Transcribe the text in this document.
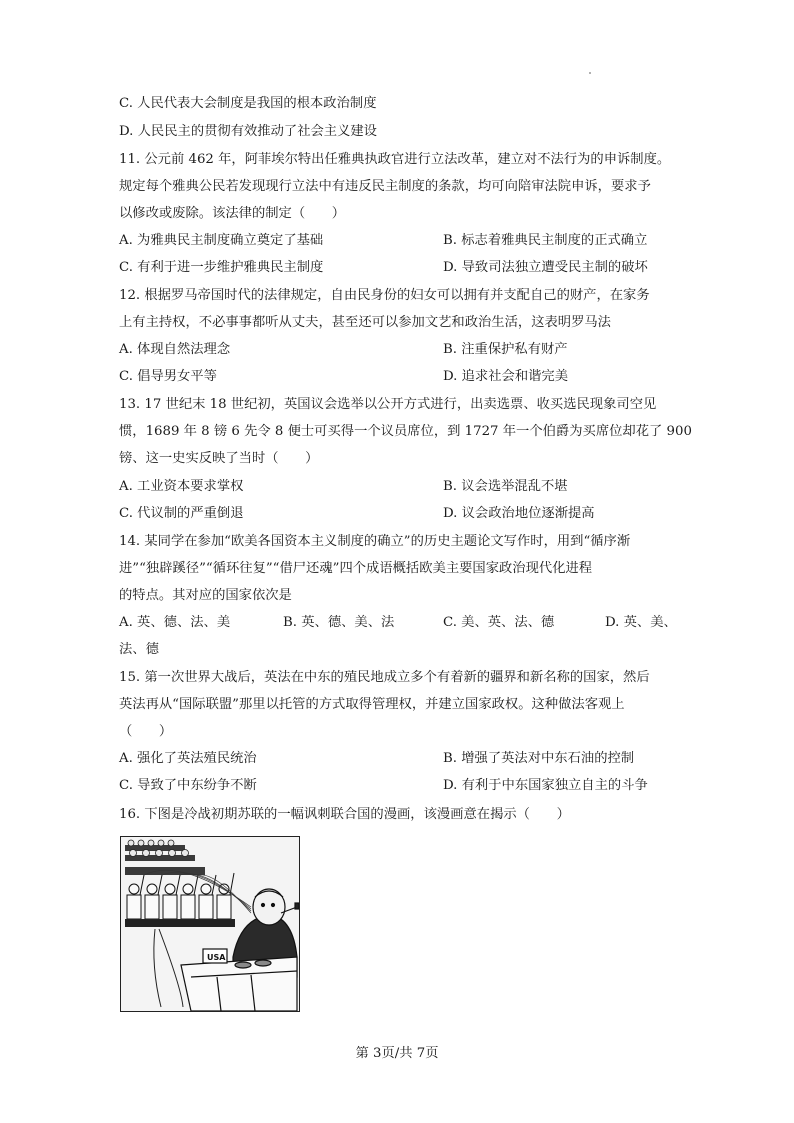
C. 人民代表大会制度是我国的根本政治制度
D. 人民民主的贯彻有效推动了社会主义建设
11. 公元前 462 年，阿菲埃尔特出任雅典执政官进行立法改革，建立对不法行为的申诉制度。
规定每个雅典公民若发现现行立法中有违反民主制度的条款，均可向陪审法院申诉，要求予
以修改或废除。该法律的制定（　　）
A. 为雅典民主制度确立奠定了基础	B. 标志着雅典民主制度的正式确立
C. 有利于进一步维护雅典民主制度	D. 导致司法独立遭受民主制的破坏
12. 根据罗马帝国时代的法律规定，自由民身份的妇女可以拥有并支配自己的财产，在家务
上有主持权，不必事事都听从丈夫，甚至还可以参加文艺和政治生活，这表明罗马法
A. 体现自然法理念	B. 注重保护私有财产
C. 倡导男女平等	D. 追求社会和谐完美
13. 17 世纪末 18 世纪初，英国议会选举以公开方式进行，出卖选票、收买选民现象司空见
惯，1689 年 8 镑 6 先令 8 便士可买得一个议员席位，到 1727 年一个伯爵为买席位却花了 900
镑、这一史实反映了当时（　　）
A. 工业资本要求掌权	B. 议会选举混乱不堪
C. 代议制的严重倒退	D. 议会政治地位逐渐提高
14. 某同学在参加“欧美各国资本主义制度的确立”的历史主题论文写作时，用到“循序渐
进”“独辟蹊径”“循环往复”“借尸还魂”四个成语概括欧美主要国家政治现代化进程
的特点。其对应的国家依次是
A. 英、德、法、美	B. 英、德、美、法	C. 美、英、法、德	D. 英、美、
法、德
15. 第一次世界大战后，英法在中东的殖民地成立多个有着新的疆界和新名称的国家，然后
英法再从“国际联盟”那里以托管的方式取得管理权，并建立国家政权。这种做法客观上
（　　）
A. 强化了英法殖民统治	B. 增强了英法对中东石油的控制
C. 导致了中东纷争不断	D. 有利于中东国家独立自主的斗争
16. 下图是冷战初期苏联的一幅讽刺联合国的漫画，该漫画意在揭示（　　）
USA
第 3页/共 7页
